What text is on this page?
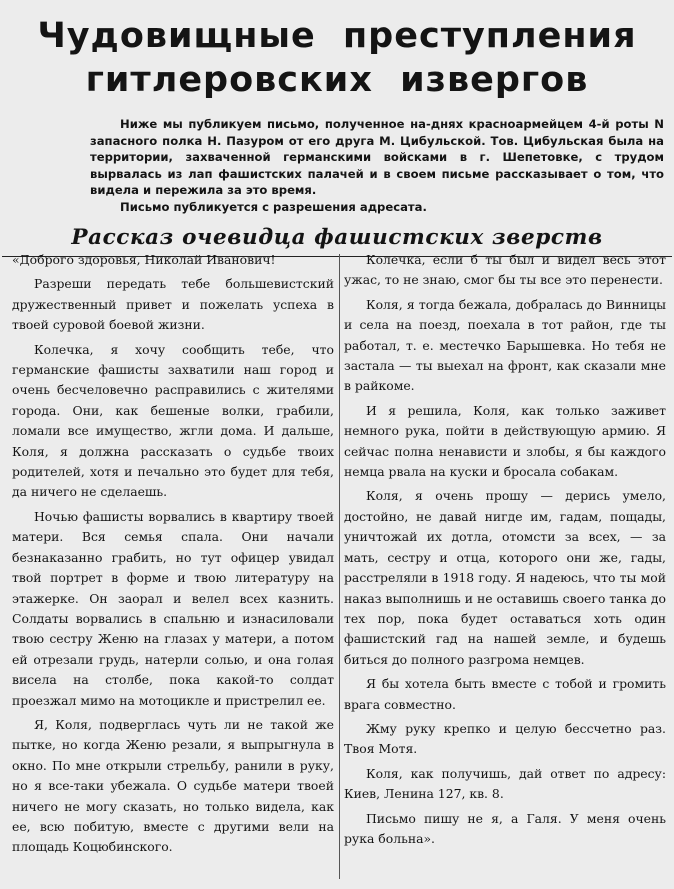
Чудовищные преступления
гитлеровских извергов

Ниже мы публикуем письмо, полученное на-днях красноармейцем 4-й роты N запасного полка Н. Пазуром от его друга М. Цибульской. Тов. Цибульская была на территории, захваченной германскими войсками в г. Шепетовке, с трудом вырвалась из лап фашистских палачей и в своем письме рассказывает о том, что видела и пережила за это время.

Письмо публикуется с разрешения адресата.

Рассказ очевидца фашистских зверств

«Доброго здоровья, Николай Иванович!

Разреши передать тебе большевистский дружественный привет и пожелать успеха в твоей суровой боевой жизни.

Колечка, я хочу сообщить тебе, что германские фашисты захватили наш город и очень бесчеловечно расправились с жителями города. Они, как бешеные волки, грабили, ломали все имущество, жгли дома. И дальше, Коля, я должна рассказать о судьбе твоих родителей, хотя и печально это будет для тебя, да ничего не сделаешь.

Ночью фашисты ворвались в квартиру твоей матери. Вся семья спала. Они начали безнаказанно грабить, но тут офицер увидал твой портрет в форме и твою литературу на этажерке. Он заорал и велел всех казнить. Солдаты ворвались в спальню и изнасиловали твою сестру Женю на глазах у матери, а потом ей отрезали грудь, натерли солью, и она голая висела на столбе, пока какой-то солдат проезжал мимо на мотоцикле и пристрелил ее.

Я, Коля, подверглась чуть ли не такой же пытке, но когда Женю резали, я выпрыгнула в окно. По мне открыли стрельбу, ранили в руку, но я все-таки убежала. О судьбе матери твоей ничего не могу сказать, но только видела, как ее, всю побитую, вместе с другими вели на площадь Коцюбинского.

Колечка, если б ты был и видел весь этот ужас, то не знаю, смог бы ты все это перенести.

Коля, я тогда бежала, добралась до Винницы и села на поезд, поехала в тот район, где ты работал, т. е. местечко Барышевка. Но тебя не застала — ты выехал на фронт, как сказали мне в райкоме.

И я решила, Коля, как только заживет немного рука, пойти в действующую армию. Я сейчас полна ненависти и злобы, я бы каждого немца рвала на куски и бросала собакам.

Коля, я очень прошу — дерись умело, достойно, не давай нигде им, гадам, пощады, уничтожай их дотла, отомсти за всех, — за мать, сестру и отца, которого они же, гады, расстреляли в 1918 году. Я надеюсь, что ты мой наказ выполнишь и не оставишь своего танка до тех пор, пока будет оставаться хоть один фашистский гад на нашей земле, и будешь биться до полного разгрома немцев.

Я бы хотела быть вместе с тобой и громить врага совместно.

Жму руку крепко и целую бессчетно раз. Твоя Мотя.

Коля, как получишь, дай ответ по адресу: Киев, Ленина 127, кв. 8.

Письмо пишу не я, а Галя. У меня очень рука больна».
